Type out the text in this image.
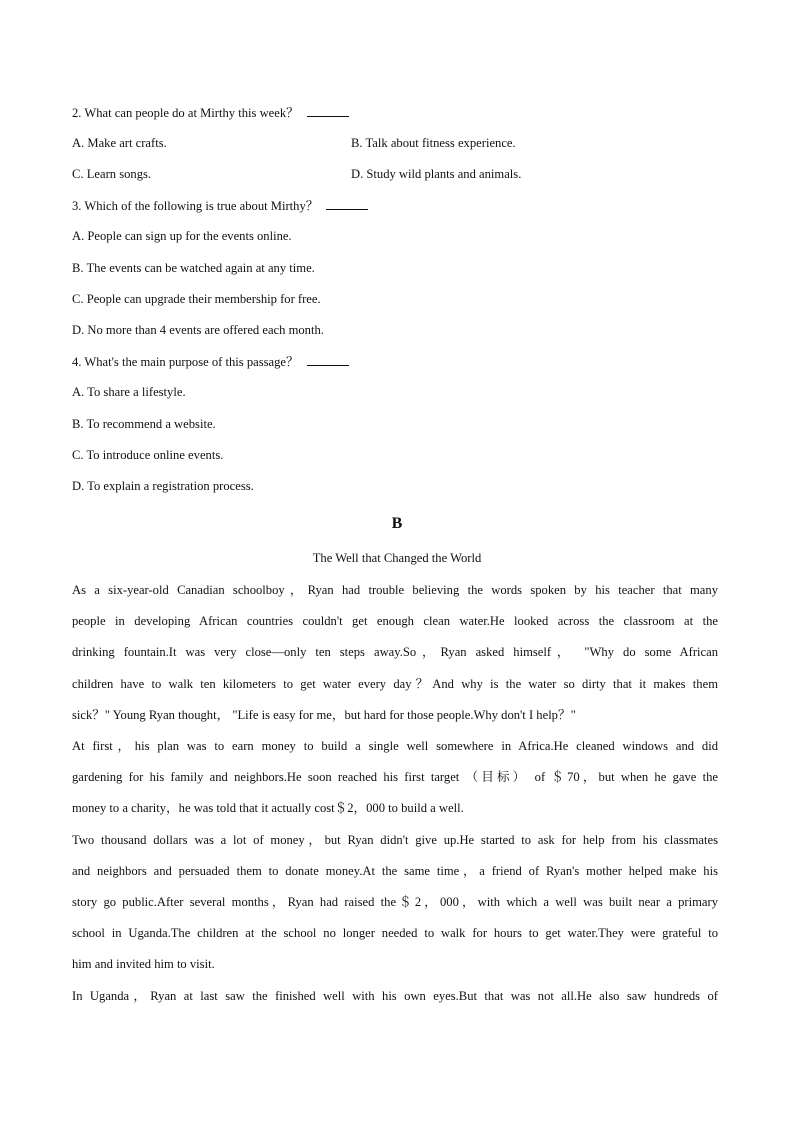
2. What can people do at Mirthy this week？
A. Make art crafts.	B. Talk about fitness experience.
C. Learn songs.	D. Study wild plants and animals.
3. Which of the following is true about Mirthy？
A. People can sign up for the events online.
B. The events can be watched again at any time.
C. People can upgrade their membership for free.
D. No more than 4 events are offered each month.
4. What's the main purpose of this passage？
A. To share a lifestyle.
B. To recommend a website.
C. To introduce online events.
D. To explain a registration process.
B
The Well that Changed the World
As a six-year-old Canadian schoolboy，Ryan had trouble believing the words spoken by his teacher that many
people in developing African countries couldn't get enough clean water.He looked across the classroom at the
drinking fountain.It was very close—only ten steps away.So，Ryan asked himself， "Why do some African
children have to walk ten kilometers to get water every day？And why is the water so dirty that it makes them
sick？" Young Ryan thought， "Life is easy for me，but hard for those people.Why don't I help？"
At first，his plan was to earn money to build a single well somewhere in Africa.He cleaned windows and did
gardening for his family and neighbors.He soon reached his first target （目标） of ＄70，but when he gave the
money to a charity，he was told that it actually cost＄2，000 to build a well.
Two thousand dollars was a lot of money，but Ryan didn't give up.He started to ask for help from his classmates
and neighbors and persuaded them to donate money.At the same time，a friend of Ryan's mother helped make his
story go public.After several months，Ryan had raised the＄2，000，with which a well was built near a primary
school in Uganda.The children at the school no longer needed to walk for hours to get water.They were grateful to
him and invited him to visit.
In Uganda，Ryan at last saw the finished well with his own eyes.But that was not all.He also saw hundreds of
